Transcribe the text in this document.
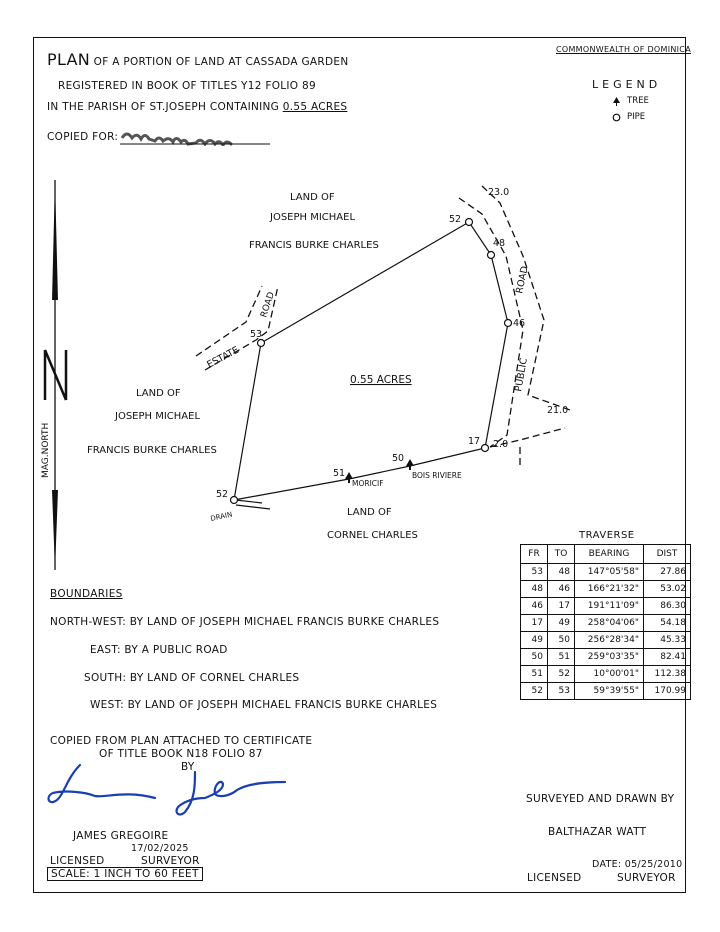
COMMONWEALTH OF DOMINICA
PLAN OF A PORTION OF LAND AT CASSADA GARDEN
REGISTERED IN BOOK OF TITLES Y12 FOLIO 89
IN THE PARISH OF ST.JOSEPH CONTAINING 0.55 ACRES
COPIED FOR:
LEGEND
TREE
PIPE
52
48
46
17
50
51
52
53
BOIS RIVIERE
MORICIF
23.0
21.0
2.0
0.55 ACRES
LAND OF
JOSEPH MICHAEL
FRANCIS BURKE CHARLES
LAND OF
JOSEPH MICHAEL
FRANCIS BURKE CHARLES
LAND OF
CORNEL CHARLES
ESTATE
ROAD
ROAD
PUBLIC
DRAIN
MAG.NORTH
TRAVERSE
FR	TO	BEARING	DIST
53	48	147°05'58"	27.86
48	46	166°21'32"	53.02
46	17	191°11'09"	86.30
17	49	258°04'06"	54.18
49	50	256°28'34"	45.33
50	51	259°03'35"	82.41
51	52	10°00'01"	112.38
52	53	59°39'55"	170.99
BOUNDARIES
NORTH-WEST: BY LAND OF JOSEPH MICHAEL FRANCIS BURKE CHARLES
EAST: BY A PUBLIC ROAD
SOUTH: BY LAND OF CORNEL CHARLES
WEST: BY LAND OF JOSEPH MICHAEL FRANCIS BURKE CHARLES
COPIED FROM PLAN ATTACHED TO CERTIFICATE
OF TITLE BOOK N18 FOLIO 87
BY
JAMES GREGOIRE
17/02/2025
LICENSED	SURVEYOR
SCALE: 1 INCH TO 60 FEET
SURVEYED AND DRAWN BY
BALTHAZAR WATT
DATE: 05/25/2010
LICENSED	SURVEYOR
